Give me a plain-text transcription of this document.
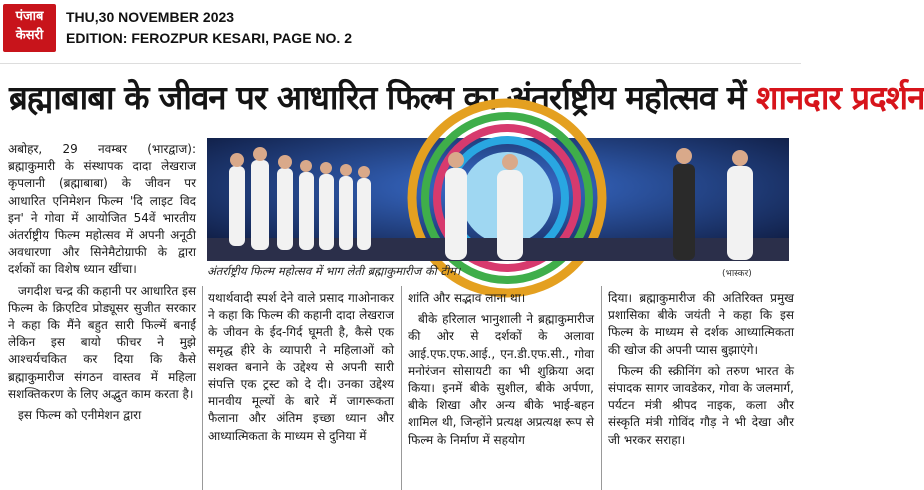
पंजाब
केसरी
THU,30 NOVEMBER 2023
EDITION: FEROZPUR KESARI, PAGE NO. 2
ब्रह्माबाबा के जीवन पर आधारित फिल्म का अंतर्राष्ट्रीय महोत्सव में शानदार प्रदर्शन

अबोहर, 29 नवम्बर (भारद्वाज): ब्रह्माकुमारी के संस्थापक दादा लेखराज कृपलानी (ब्रह्माबाबा) के जीवन पर आधारित एनिमेशन फिल्म 'दि लाइट विद इन' ने गोवा में आयोजित 54वें भारतीय अंतर्राष्ट्रीय फिल्म महोत्सव में अपनी अनूठी अवधारणा और सिनेमैटोग्राफी के द्वारा दर्शकों का विशेष ध्यान खींचा।

जगदीश चन्द्र की कहानी पर आधारित इस फिल्म के क्रिएटिव प्रोड्यूसर सुजीत सरकार ने कहा कि मैंने बहुत सारी फिल्में बनाईं लेकिन इस बायो फीचर ने मुझे आश्चर्यचकित कर दिया कि कैसे ब्रह्माकुमारीज संगठन वास्तव में महिला सशक्तिकरण के लिए अद्भुत काम करता है।

इस फिल्म को एनीमेशन द्वारा

अंतर्राष्ट्रीय फिल्म महोत्सव में भाग लेती ब्रह्माकुमारीज की टीम।	(भास्कर)

यथार्थवादी स्पर्श देने वाले प्रसाद गाओनाकर ने कहा कि फिल्म की कहानी दादा लेखराज के जीवन के ईद-गिर्द घूमती है, कैसे एक समृद्ध हीरे के व्यापारी ने महिलाओं को सशक्त बनाने के उद्देश्य से अपनी सारी संपत्ति एक ट्रस्ट को दे दी। उनका उद्देश्य मानवीय मूल्यों के बारे में जागरूकता फैलाना और अंतिम इच्छा ध्यान और आध्यात्मिकता के माध्यम से दुनिया में

शांति और सद्भाव लाना था।

बीके हरिलाल भानुशाली ने ब्रह्माकुमारीज की ओर से दर्शकों के अलावा आई.एफ.एफ.आई., एन.डी.एफ.सी., गोवा मनोरंजन सोसायटी का भी शुक्रिया अदा किया। इनमें बीके सुशील, बीके अर्पणा, बीके शिखा और अन्य बीके भाई-बहन शामिल थी, जिन्होंने प्रत्यक्ष अप्रत्यक्ष रूप से फिल्म के निर्माण में सहयोग

दिया। ब्रह्माकुमारीज की अतिरिक्त प्रमुख प्रशासिका बीके जयंती ने कहा कि इस फिल्म के माध्यम से दर्शक आध्यात्मिकता की खोज की अपनी प्यास बुझाएंगे।

फिल्म की स्क्रीनिंग को तरुण भारत के संपादक सागर जावडेकर, गोवा के जलमार्ग, पर्यटन मंत्री श्रीपद नाइक, कला और संस्कृति मंत्री गोविंद गौड़ ने भी देखा और जी भरकर सराहा।
